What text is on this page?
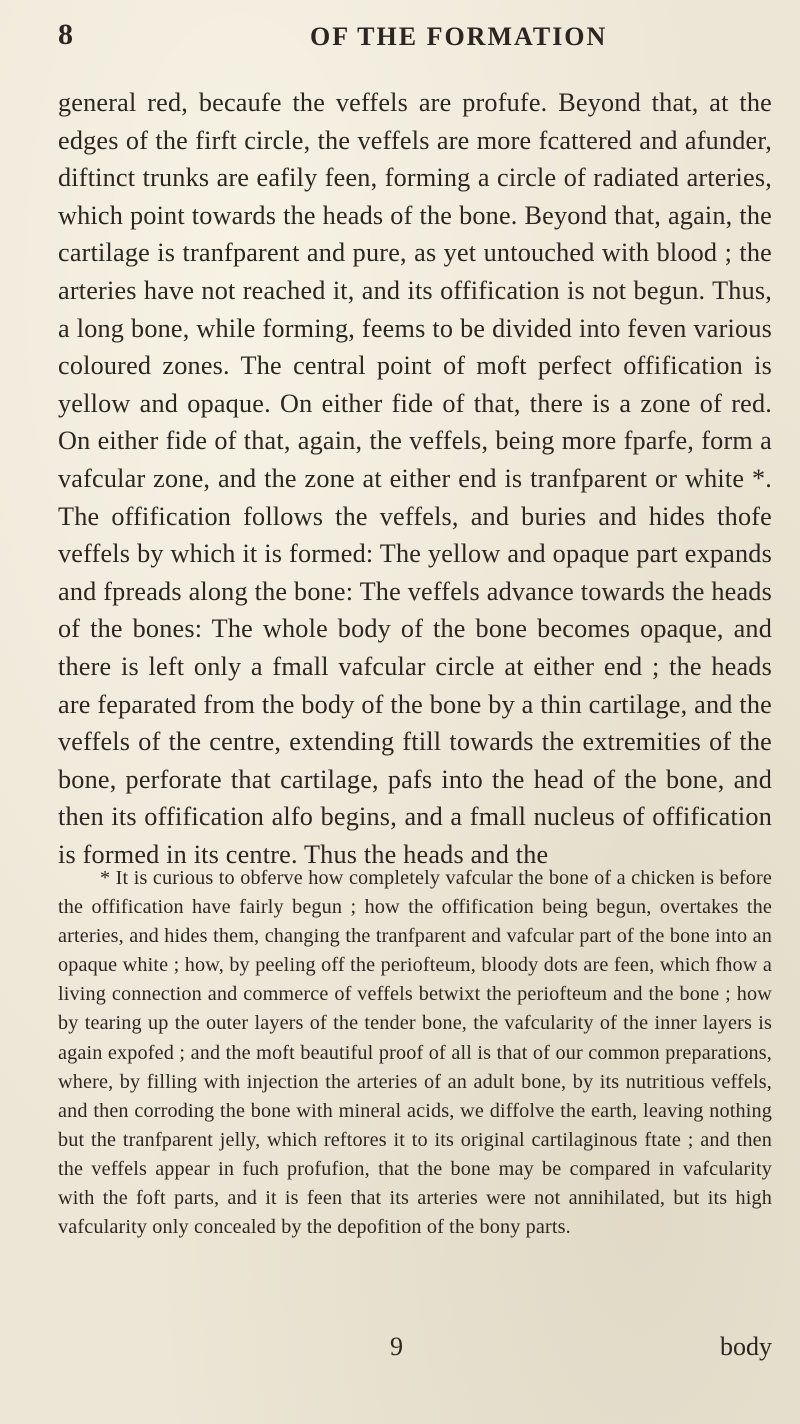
8	OF THE FORMATION

general red, becaufe the veffels are profufe. Beyond that, at the edges of the firft circle, the veffels are more fcattered and afunder, diftinct trunks are eafily feen, forming a circle of radiated arteries, which point towards the heads of the bone. Beyond that, again, the cartilage is tranfparent and pure, as yet untouched with blood ; the arteries have not reached it, and its offification is not begun. Thus, a long bone, while forming, feems to be divided into feven various coloured zones. The central point of moft perfect offification is yellow and opaque. On either fide of that, there is a zone of red. On either fide of that, again, the veffels, being more fparfe, form a vafcular zone, and the zone at either end is tranfparent or white *. The offification follows the veffels, and buries and hides thofe veffels by which it is formed: The yellow and opaque part expands and fpreads along the bone: The veffels advance towards the heads of the bones: The whole body of the bone becomes opaque, and there is left only a fmall vafcular circle at either end ; the heads are feparated from the body of the bone by a thin cartilage, and the veffels of the centre, extending ftill towards the extremities of the bone, perforate that cartilage, pafs into the head of the bone, and then its offification alfo begins, and a fmall nucleus of offification is formed in its centre. Thus the heads and the

* It is curious to obferve how completely vafcular the bone of a chicken is before the offification have fairly begun ; how the offification being begun, overtakes the arteries, and hides them, changing the tranfparent and vafcular part of the bone into an opaque white ; how, by peeling off the periofteum, bloody dots are feen, which fhow a living connection and commerce of veffels betwixt the periofteum and the bone ; how by tearing up the outer layers of the tender bone, the vafcularity of the inner layers is again expofed ; and the moft beautiful proof of all is that of our common preparations, where, by filling with injection the arteries of an adult bone, by its nutritious veffels, and then corroding the bone with mineral acids, we diffolve the earth, leaving nothing but the tranfparent jelly, which reftores it to its original cartilaginous ftate ; and then the veffels appear in fuch profufion, that the bone may be compared in vafcularity with the foft parts, and it is feen that its arteries were not annihilated, but its high vafcularity only concealed by the depofition of the bony parts.

9	body
